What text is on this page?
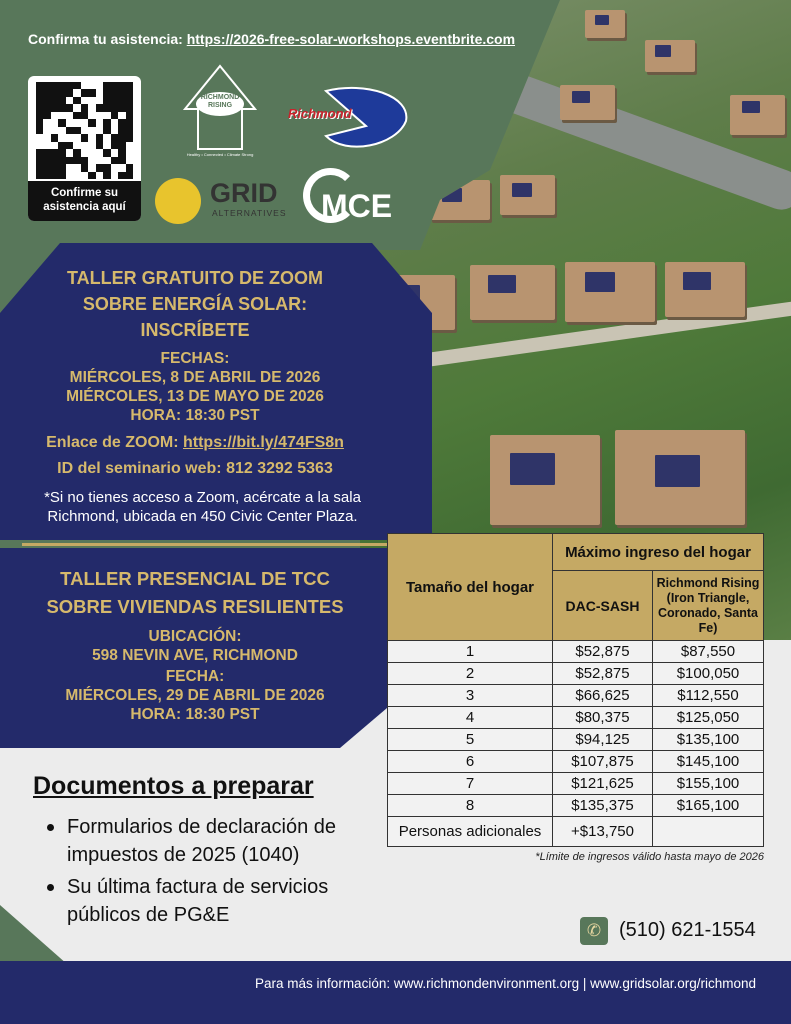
Confirma tu asistencia: https://2026-free-solar-workshops.eventbrite.com
Confirme su
asistencia aquí
RICHMOND RISING
Healthy • Connected • Climate Strong
Richmond
GRID
ALTERNATIVES MCE
TALLER GRATUITO DE ZOOM
SOBRE ENERGÍA SOLAR:
INSCRÍBETE
FECHAS:
MIÉRCOLES, 8 DE ABRIL DE 2026
MIÉRCOLES, 13 DE MAYO DE 2026
HORA: 18:30 PST
Enlace de ZOOM: https://bit.ly/474FS8n
ID del seminario web: 812 3292 5363
*Si no tienes acceso a Zoom, acércate a la sala
Richmond, ubicada en 450 Civic Center Plaza.
TALLER PRESENCIAL DE TCC
SOBRE VIVIENDAS RESILIENTES
UBICACIÓN:
598 NEVIN AVE, RICHMOND
FECHA:
MIÉRCOLES, 29 DE ABRIL DE 2026
HORA: 18:30 PST
Tamaño del hogar	Máximo ingreso del hogar
DAC-SASH	Richmond Rising (Iron Triangle, Coronado, Santa Fe)
1	$52,875	$87,550
2	$52,875	$100,050
3	$66,625	$112,550
4	$80,375	$125,050
5	$94,125	$135,100
6	$107,875	$145,100
7	$121,625	$155,100
8	$135,375	$165,100
Personas adicionales	+$13,750	
*Límite de ingresos válido hasta mayo de 2026
Documentos a preparar
Formularios de declaración de impuestos de 2025 (1040)
Su última factura de servicios públicos de PG&E
✆ (510) 621-1554
Para más información: www.richmondenvironment.org | www.gridsolar.org/richmond
